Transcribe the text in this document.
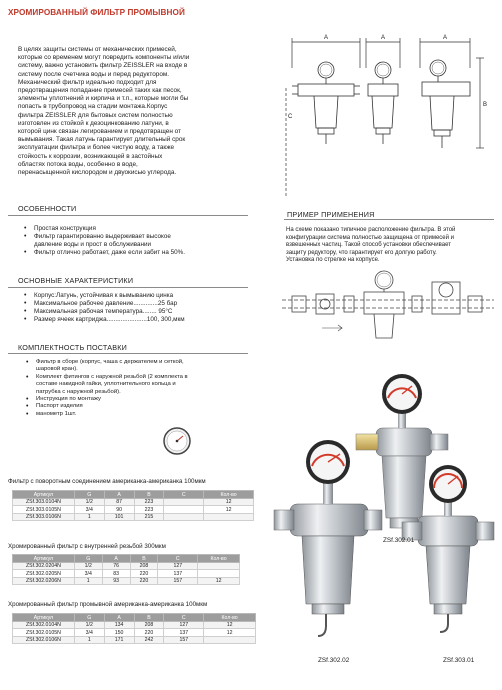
ХРОМИРОВАННЫЙ ФИЛЬТР ПРОМЫВНОЙ

В целях защиты системы от механических примесей,

которые со временем могут повредить компоненты и/или

систему, важно установить фильтр ZEISSLER на входе в

систему после счетчика воды и перед редуктором.

Механический фильтр идеально подходит для

предотвращения попадание примесей таких как песок,

элементы уплотнений и кирпича и т.п., которые могли бы

попасть в трубопровод на стадии монтажа.Корпус

фильтра ZEISSLER для бытовых систем полностью

изготовлен из стойкой к дезоцинкованию латуни, в

которой цинк связан легированием и предотвращен от

вымывания. Такая латунь гарантирует длительный срок

эксплуатации фильтра и более чистую воду, а также

стойкость к коррозии, возникающей в застойных

областях потока воды, особенно в воде,

перенасыщенной кислородом и двуокисью углерода.

A	A	A
B
C
ОСОБЕННОСТИ
• Простая конструкция
• Фильтр гарантированно выдерживает высокое
давление воды и прост в обслуживании
• Фильтр отлично работает, даже если забит на 50%.
ПРИМЕР ПРИМЕНЕНИЯ

На схеме показано типичное расположение фильтра. В этой

конфигурации система полностью защищена от примесей и

взвешенных частиц. Такой способ установки обеспечивает

защиту редуктору, что гарантирует его долгую работу.

Установка по стрелке на корпусе.

ОСНОВНЫЕ ХАРАКТЕРИСТИКИ
• Корпус:Латунь, устойчивая к вымыванию цинка
• Максимальное рабочее давление..............25 бар
• Максимальная рабочая температура........ 95°С
• Размер ячеек картриджа.......................100, 300,мкм
КОМПЛЕКТНОСТЬ ПОСТАВКИ
• Фильтр в сборе (корпус, чаша с держателем и сеткой,
шаровой кран).
• Комплект фитингов с наружной резьбой (2 комплекта в
составе накидной гайки, уплотнительного кольца и
патрубка с наружной резьбой).
• Инструкция по монтажу
• Паспорт изделия
• манометр 1шт.
Фильтр с поворотным соединением американка-американка 100мкм
Артикул	G	A	B	C	Кол-во
ZSf.303.0104N	1/2	87	223		12
ZSf.303.0105N	3/4	90	223		12
ZSf.303.0106N	1	101	215		
Хромированный фильтр с внутренней резьбой 300мкм
Артикул	G	A	B	C	Кол-во
ZSf.302.0204N	1/2	76	208	127	
ZSf.302.0205N	3/4	83	220	137	
ZSf.302.0206N	1	93	220	157	12
Хромированный фильтр промывной американка-американка 100мкм
Артикул	G	A	B	C	Кол-во
ZSf.302.0104N	1/2	134	208	127	12
ZSf.302.0105N	3/4	150	220	137	12
ZSf.302.0106N	1	171	242	157	
ZSf.302.01
ZSf.302.02	ZSf.303.01
